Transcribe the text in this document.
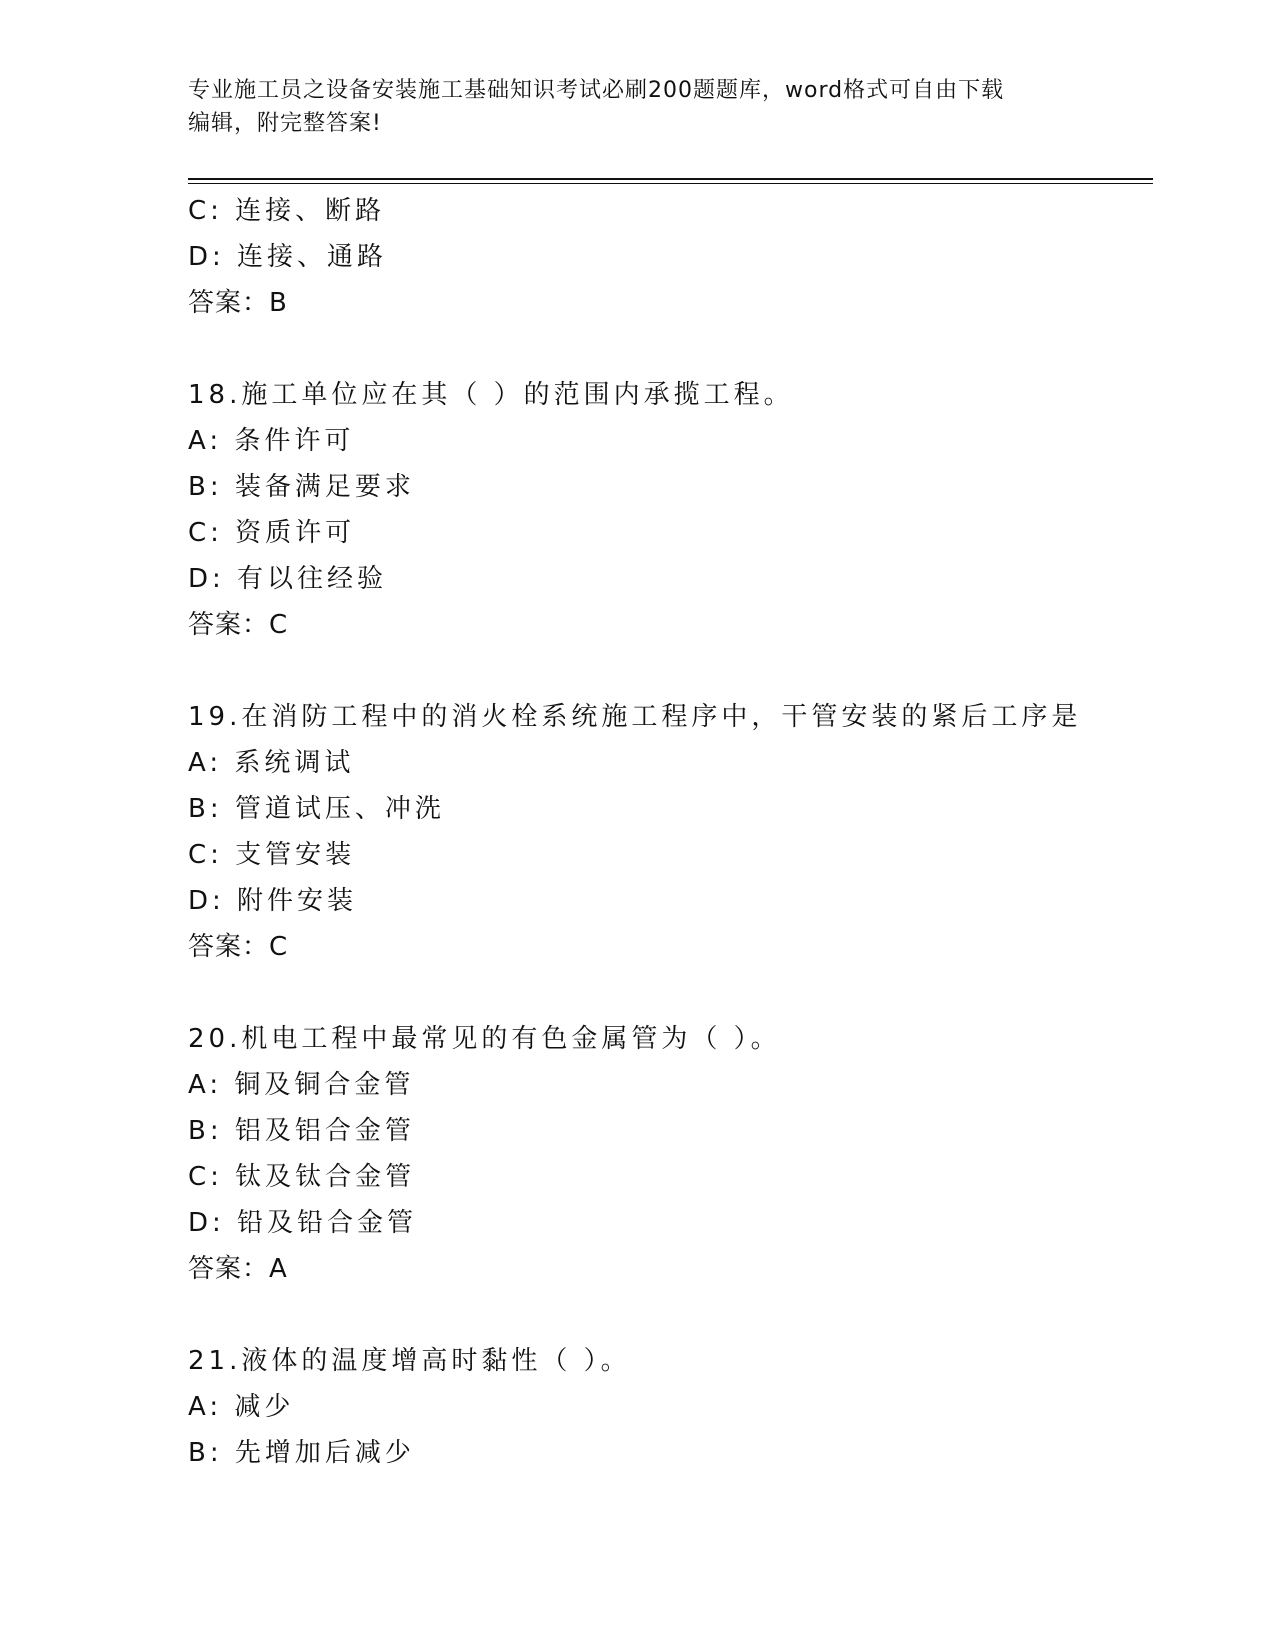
专业施工员之设备安装施工基础知识考试必刷200题题库，word格式可自由下载
编辑，附完整答案!
C: 连接、断路
D: 连接、通路
答案：B
18.施工单位应在其（ ）的范围内承揽工程。
A: 条件许可
B: 装备满足要求
C: 资质许可
D: 有以往经验
答案：C
19.在消防工程中的消火栓系统施工程序中，干管安装的紧后工序是
A: 系统调试
B: 管道试压、冲洗
C: 支管安装
D: 附件安装
答案：C
20.机电工程中最常见的有色金属管为（ ）。
A: 铜及铜合金管
B: 铝及铝合金管
C: 钛及钛合金管
D: 铅及铅合金管
答案：A
21.液体的温度增高时黏性（ ）。
A: 减少
B: 先增加后减少
